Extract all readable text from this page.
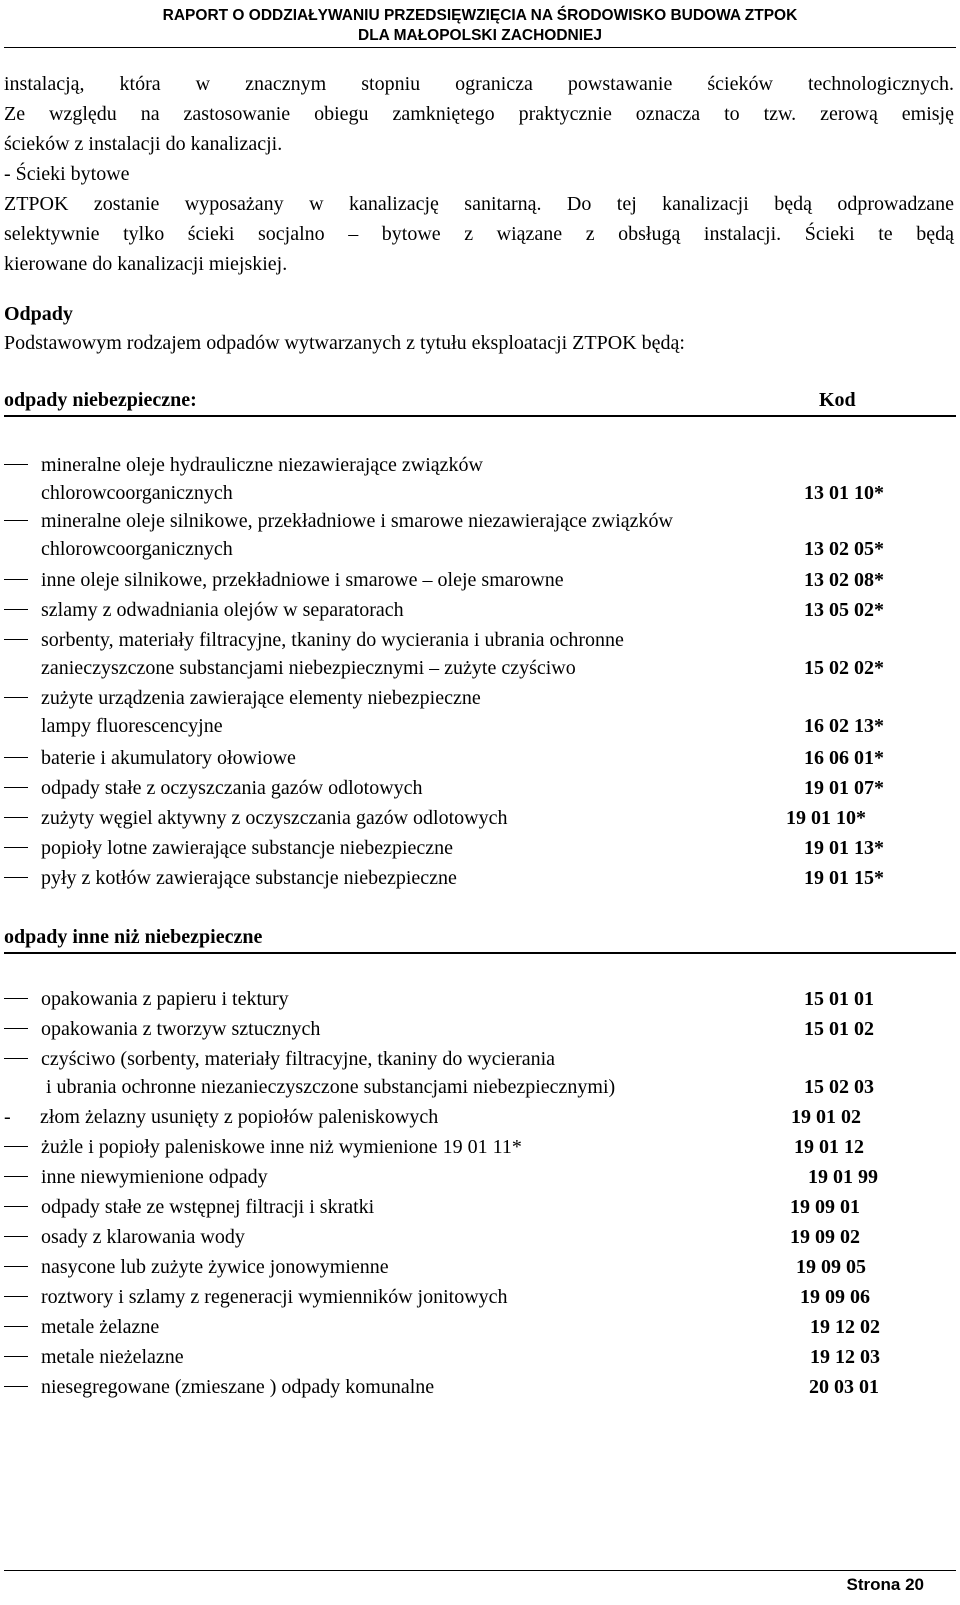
RAPORT O ODDZIAŁYWANIU PRZEDSIĘWZIĘCIA NA ŚRODOWISKO BUDOWA ZTPOK
DLA MAŁOPOLSKI ZACHODNIEJ
instalacją, która w znacznym stopniu ogranicza powstawanie ścieków technologicznych.
Ze względu na zastosowanie obiegu zamkniętego praktycznie oznacza to tzw. zerową emisję
ścieków z instalacji do kanalizacji.
- Ścieki bytowe
ZTPOK zostanie wyposażany w kanalizację sanitarną. Do tej kanalizacji będą odprowadzane
selektywnie tylko ścieki socjalno – bytowe z wiązane z obsługą instalacji. Ścieki te będą
kierowane do kanalizacji miejskiej.
Odpady
Podstawowym rodzajem odpadów wytwarzanych z tytułu eksploatacji ZTPOK będą:
odpady niebezpieczne:	Kod
mineralne oleje hydrauliczne niezawierające związków
chlorowcoorganicznych	13 01 10*
mineralne oleje silnikowe, przekładniowe i smarowe niezawierające związków
chlorowcoorganicznych	13 02 05*
inne oleje silnikowe, przekładniowe i smarowe – oleje smarowne	13 02 08*
szlamy z odwadniania olejów w separatorach	13 05 02*
sorbenty, materiały filtracyjne, tkaniny do wycierania i ubrania ochronne
zanieczyszczone substancjami niebezpiecznymi – zużyte czyściwo	15 02 02*
zużyte urządzenia zawierające elementy niebezpieczne
lampy fluorescencyjne	16 02 13*
baterie i akumulatory ołowiowe	16 06 01*
odpady stałe z oczyszczania gazów odlotowych	19 01 07*
zużyty węgiel aktywny z oczyszczania gazów odlotowych	19 01 10*
popioły lotne zawierające substancje niebezpieczne	19 01 13*
pyły z kotłów zawierające substancje niebezpieczne	19 01 15*
odpady inne niż niebezpieczne
opakowania z papieru i tektury	15 01 01
opakowania z tworzyw sztucznych	15 01 02
czyściwo (sorbenty, materiały filtracyjne, tkaniny do wycierania
i ubrania ochronne niezanieczyszczone substancjami niebezpiecznymi)	15 02 03
-	złom żelazny usunięty z popiołów paleniskowych	19 01 02
żużle i popioły paleniskowe inne niż wymienione 19 01 11*	19 01 12
inne niewymienione odpady	19 01 99
odpady stałe ze wstępnej filtracji i skratki	19 09 01
osady z klarowania wody	19 09 02
nasycone lub zużyte żywice jonowymienne	19 09 05
roztwory i szlamy z regeneracji wymienników jonitowych	19 09 06
metale żelazne	19 12 02
metale nieżelazne	19 12 03
niesegregowane (zmieszane ) odpady komunalne	20 03 01
Strona 20
